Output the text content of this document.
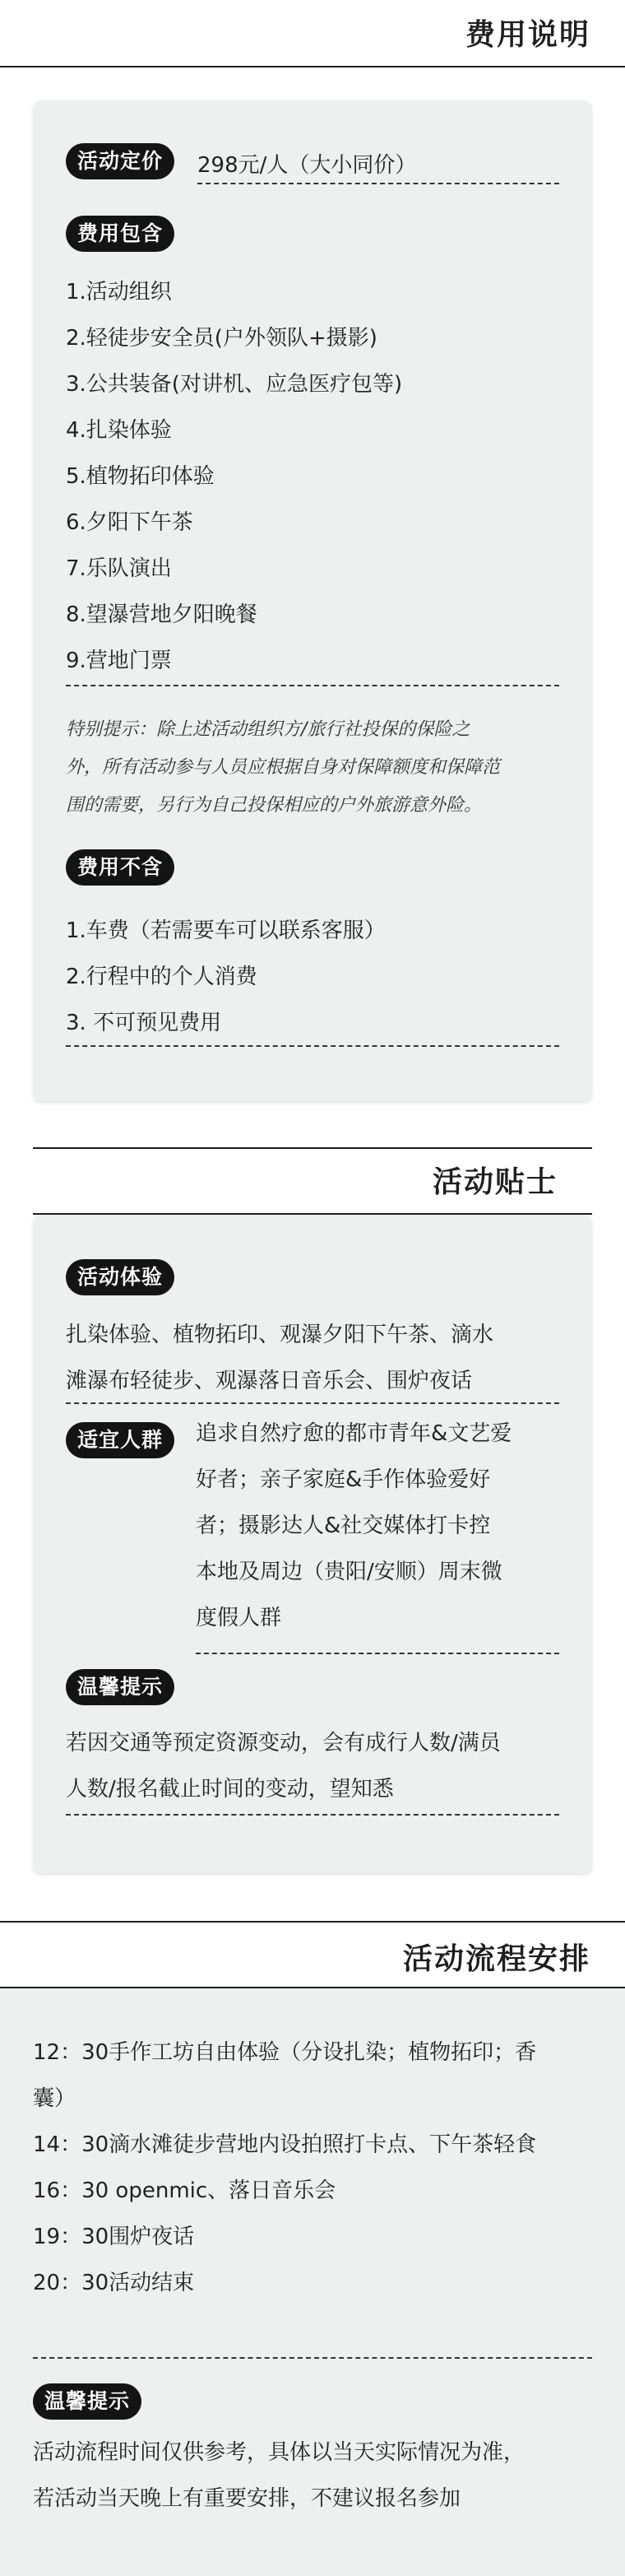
费用说明
活动定价	298元/人（大小同价）
费用包含
1.活动组织
2.轻徒步安全员(户外领队+摄影)
3.公共装备(对讲机、应急医疗包等)
4.扎染体验
5.植物拓印体验
6.夕阳下午茶
7.乐队演出
8.望瀑营地夕阳晚餐
9.营地门票
特别提示：除上述活动组织方/旅行社投保的保险之
外，所有活动参与人员应根据自身对保障额度和保障范
围的需要，另行为自己投保相应的户外旅游意外险。
费用不含
1.车费（若需要车可以联系客服）
2.行程中的个人消费
3. 不可预见费用
活动贴士
活动体验
扎染体验、植物拓印、观瀑夕阳下午茶、滴水
滩瀑布轻徒步、观瀑落日音乐会、围炉夜话
适宜人群	追求自然疗愈的都市青年&文艺爱
好者；亲子家庭&手作体验爱好
者；摄影达人&社交媒体打卡控
本地及周边（贵阳/安顺）周末微
度假人群
温馨提示
若因交通等预定资源变动，会有成行人数/满员
人数/报名截止时间的变动，望知悉
活动流程安排
12：30手作工坊自由体验（分设扎染；植物拓印；香
囊）
14：30滴水滩徒步营地内设拍照打卡点、下午茶轻食
16：30 openmic、落日音乐会
19：30围炉夜话
20：30活动结束
温馨提示
活动流程时间仅供参考，具体以当天实际情况为准，
若活动当天晚上有重要安排，不建议报名参加
